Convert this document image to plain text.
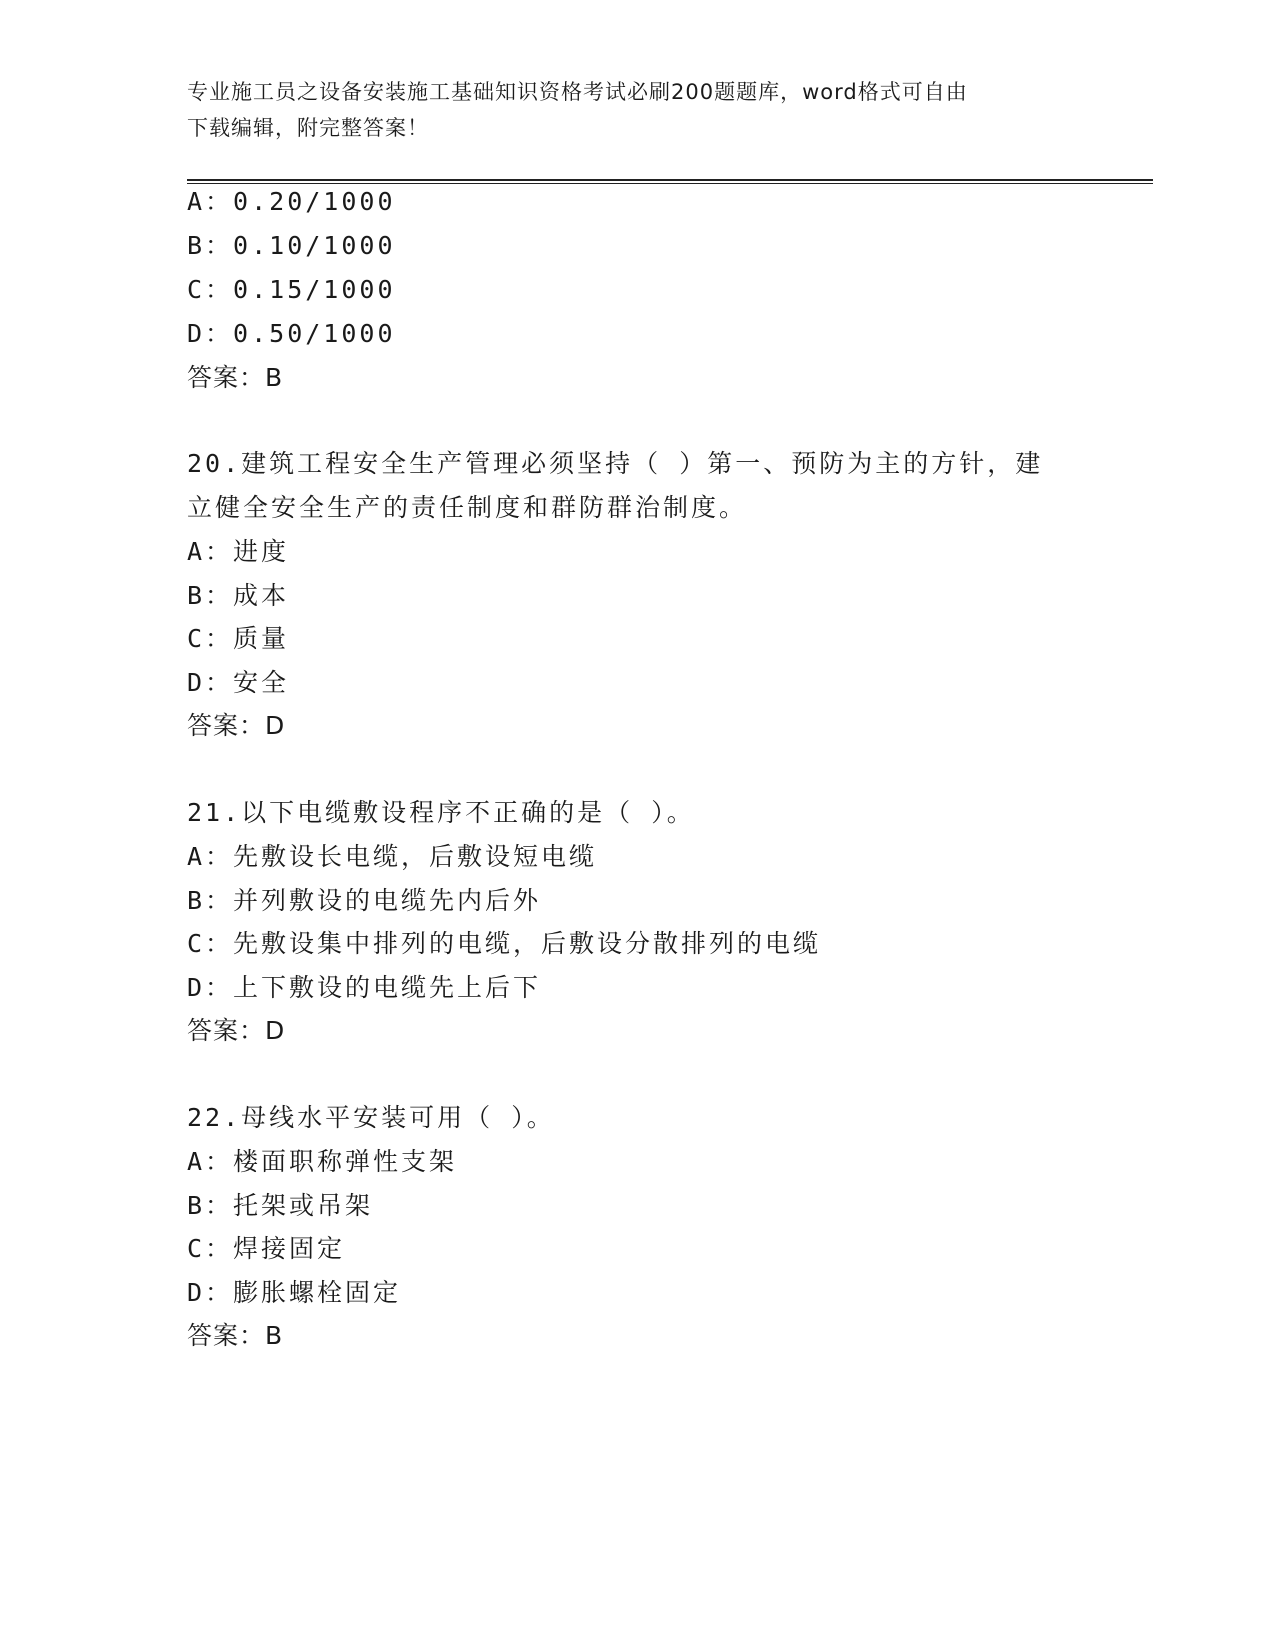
专业施工员之设备安装施工基础知识资格考试必刷200题题库，word格式可自由
下载编辑，附完整答案！
A：0.20/1000
B：0.10/1000
C：0.15/1000
D：0.50/1000
答案：B
20.建筑工程安全生产管理必须坚持（ ）第一、预防为主的方针，建
立健全安全生产的责任制度和群防群治制度。
A：进度
B：成本
C：质量
D：安全
答案：D
21.以下电缆敷设程序不正确的是（ ）。
A：先敷设长电缆，后敷设短电缆
B：并列敷设的电缆先内后外
C：先敷设集中排列的电缆，后敷设分散排列的电缆
D：上下敷设的电缆先上后下
答案：D
22.母线水平安装可用（ ）。
A：楼面职称弹性支架
B：托架或吊架
C：焊接固定
D：膨胀螺栓固定
答案：B
